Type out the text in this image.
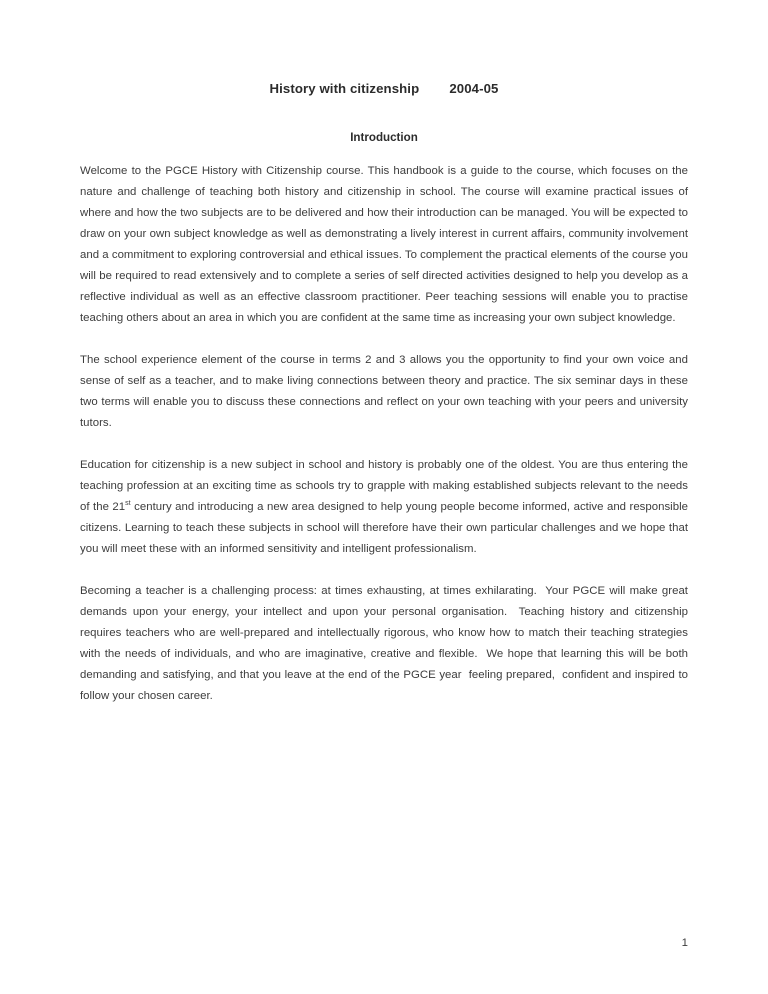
History with citizenship        2004-05
Introduction

Welcome to the PGCE History with Citizenship course. This handbook is a guide to the course, which focuses on the nature and challenge of teaching both history and citizenship in school. The course will examine practical issues of where and how the two subjects are to be delivered and how their introduction can be managed. You will be expected to draw on your own subject knowledge as well as demonstrating a lively interest in current affairs, community involvement and a commitment to exploring controversial and ethical issues. To complement the practical elements of the course you will be required to read extensively and to complete a series of self directed activities designed to help you develop as a reflective individual as well as an effective classroom practitioner. Peer teaching sessions will enable you to practise teaching others about an area in which you are confident at the same time as increasing your own subject knowledge.

The school experience element of the course in terms 2 and 3 allows you the opportunity to find your own voice and sense of self as a teacher, and to make living connections between theory and practice. The six seminar days in these two terms will enable you to discuss these connections and reflect on your own teaching with your peers and university tutors.

Education for citizenship is a new subject in school and history is probably one of the oldest. You are thus entering the teaching profession at an exciting time as schools try to grapple with making established subjects relevant to the needs of the 21st century and introducing a new area designed to help young people become informed, active and responsible citizens. Learning to teach these subjects in school will therefore have their own particular challenges and we hope that you will meet these with an informed sensitivity and intelligent professionalism.

Becoming a teacher is a challenging process: at times exhausting, at times exhilarating.  Your PGCE will make great demands upon your energy, your intellect and upon your personal organisation.  Teaching history and citizenship requires teachers who are well-prepared and intellectually rigorous, who know how to match their teaching strategies with the needs of individuals, and who are imaginative, creative and flexible.  We hope that learning this will be both demanding and satisfying, and that you leave at the end of the PGCE year  feeling prepared,  confident and inspired to follow your chosen career.

1
